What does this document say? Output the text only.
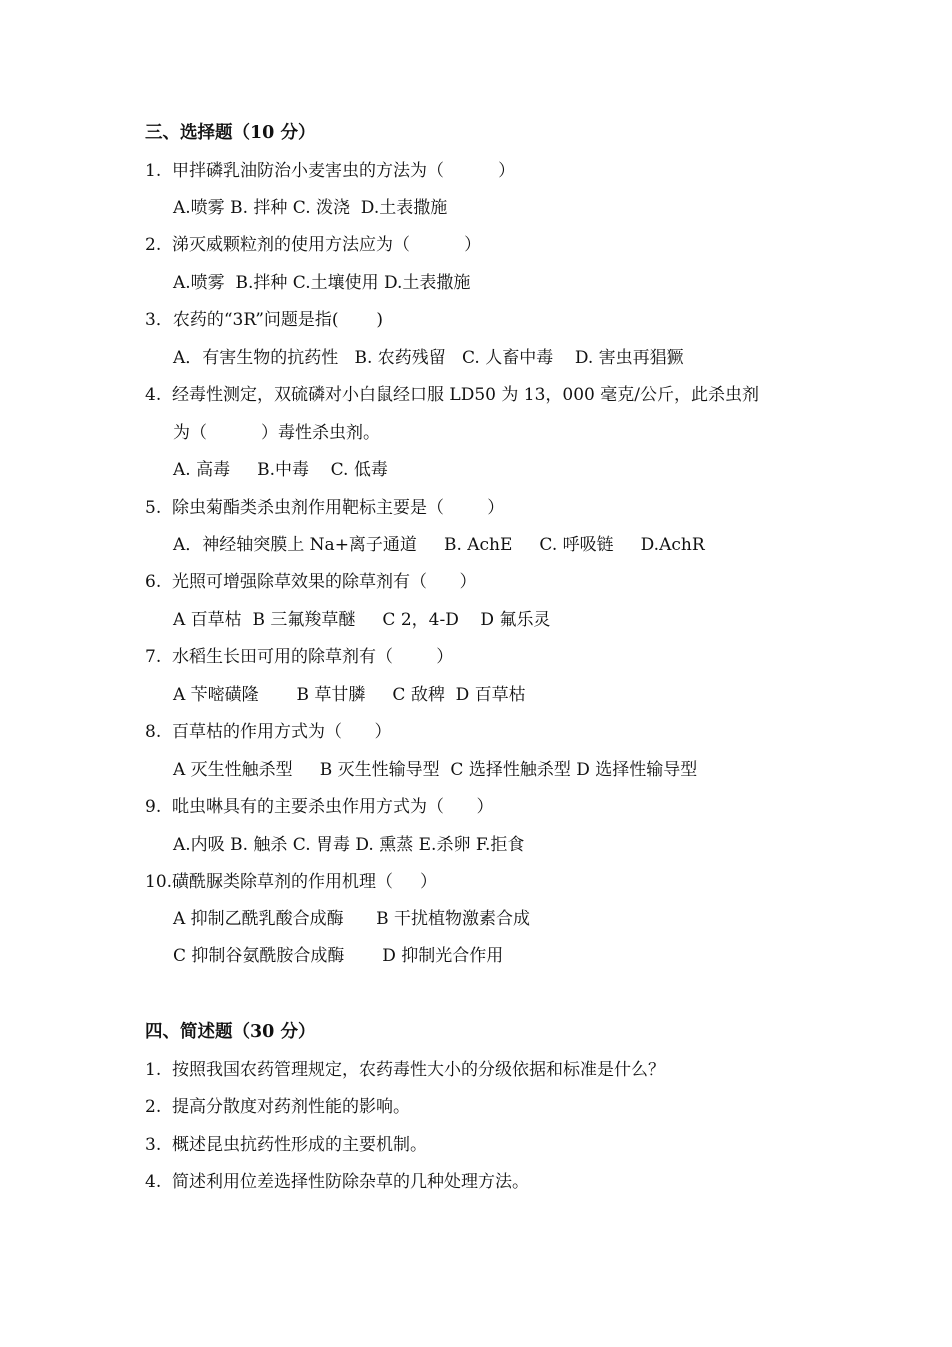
三、选择题（10 分）
1.  甲拌磷乳油防治小麦害虫的方法为（          ）
A.喷雾 B. 拌种 C. 泼浇  D.土表撒施
2.  涕灭威颗粒剂的使用方法应为（          ）
A.喷雾  B.拌种 C.土壤使用 D.土表撒施
3．农药的“3R”问题是指(       )
A．有害生物的抗药性   B. 农药残留   C. 人畜中毒    D. 害虫再猖獗
4.  经毒性测定，双硫磷对小白鼠经口服 LD50 为 13，000 毫克/公斤，此杀虫剂
为（          ）毒性杀虫剂。
A. 高毒     B.中毒    C. 低毒
5.  除虫菊酯类杀虫剂作用靶标主要是（        ）
A．神经轴突膜上 Na+离子通道     B. AchE     C. 呼吸链     D.AchR
6.  光照可增强除草效果的除草剂有（      ）
A 百草枯  B 三氟羧草醚     C 2，4-D    D 氟乐灵
7.  水稻生长田可用的除草剂有（        ）
A 苄嘧磺隆       B 草甘膦     C 敌稗  D 百草枯
8.  百草枯的作用方式为（      ）
A 灭生性触杀型     B 灭生性输导型  C 选择性触杀型 D 选择性输导型
9.  吡虫啉具有的主要杀虫作用方式为（      ）
A.内吸 B. 触杀 C. 胃毒 D. 熏蒸 E.杀卵 F.拒食
10.磺酰脲类除草剂的作用机理（     ）
A 抑制乙酰乳酸合成酶      B 干扰植物激素合成
C 抑制谷氨酰胺合成酶       D 抑制光合作用
四、简述题（30 分）
1.  按照我国农药管理规定，农药毒性大小的分级依据和标准是什么？
2.  提高分散度对药剂性能的影响。
3.  概述昆虫抗药性形成的主要机制。
4.  简述利用位差选择性防除杂草的几种处理方法。
